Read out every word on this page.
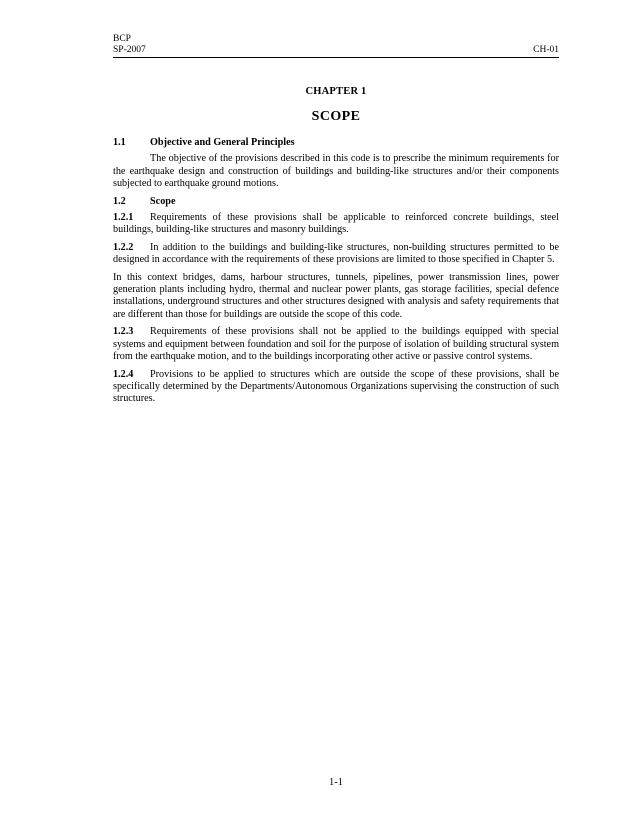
BCP
SP-2007	CH-01
CHAPTER 1
SCOPE
1.1	Objective and General Principles

The objective of the provisions described in this code is to prescribe the minimum requirements for the earthquake design and construction of buildings and building-like structures and/or their components subjected to earthquake ground motions.

1.2	Scope

1.2.1 Requirements of these provisions shall be applicable to reinforced concrete buildings, steel buildings, building-like structures and masonry buildings.

1.2.2 In addition to the buildings and building-like structures, non-building structures permitted to be designed in accordance with the requirements of these provisions are limited to those specified in Chapter 5.

In this context bridges, dams, harbour structures, tunnels, pipelines, power transmission lines, power generation plants including hydro, thermal and nuclear power plants, gas storage facilities, special defence installations, underground structures and other structures designed with analysis and safety requirements that are different than those for buildings are outside the scope of this code.

1.2.3 Requirements of these provisions shall not be applied to the buildings equipped with special systems and equipment between foundation and soil for the purpose of isolation of building structural system from the earthquake motion, and to the buildings incorporating other active or passive control systems.

1.2.4 Provisions to be applied to structures which are outside the scope of these provisions, shall be specifically determined by the Departments/Autonomous Organizations supervising the construction of such structures.

1-1
